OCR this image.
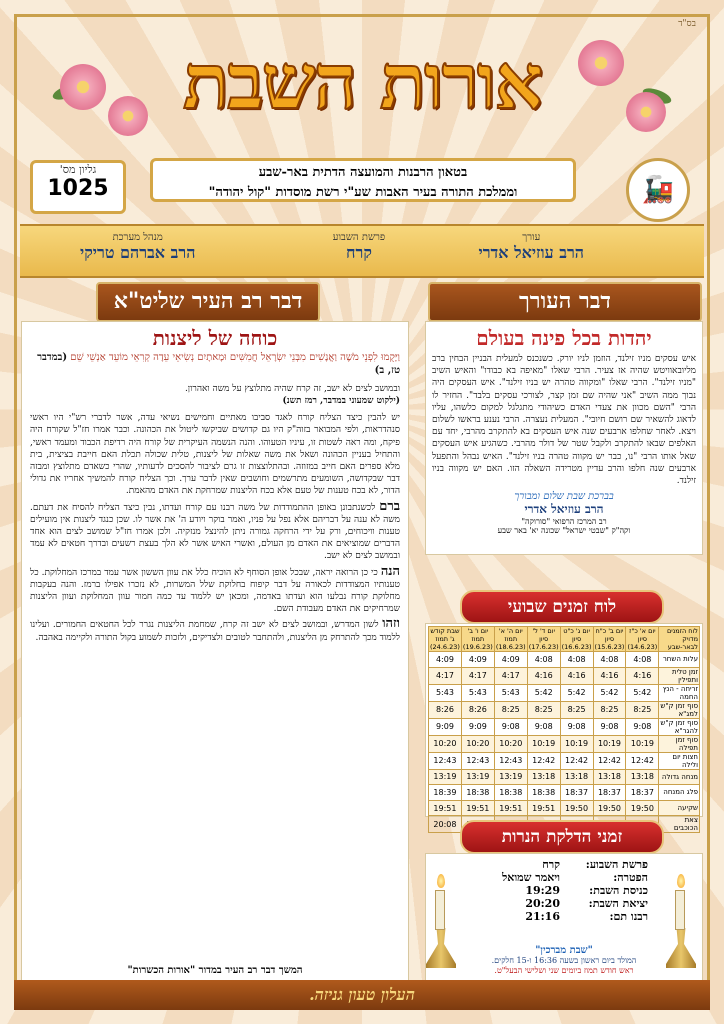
בס"ד
אורות השבת
🚂
בטאון הרבנות והמועצה הדתית באר-שבע
וממלכת התורה בעיר האבות שע"י רשת מוסדות "קול יהודה"
גליון מס'
1025
עורך
הרב עוזיאל אדרי
פרשת השבוע
קרח
מנהל מערכת
הרב אברהם טריקי
דבר העורך
דבר רב העיר שליט"א
יהדות בכל פינה בעולם
איש עסקים מניו זילנד, הוזמן לניו יורק. כשנכנס למעלית הבניין הבחין ברב מליובאוויטש שהיה אז צעיר. הרבי שאלו "מאיפה בא כבודו" והאיש השיב "מניו זילנד". הרבי שאלו "ומקווה טהרה יש בניו זילנד". איש העסקים היה נבוך ממה השיב "אני שהיה שם זמן קצר, לצורכי עסקים בלבד". החזיר לו הרבי "השם מכוון את צעדי האדם כשיהודי מתגלגל למקום כלשהו, עליו לדאוג להשאיר שם רושם חיובי". המעלית נעצרה. הרבי נענע בראשו לשלום ויצא. לאחר שחלפו ארבעים שנה איש העסקים בא להתקרב מהרבי, יחד עם האלפים שבאו להתקרב ולקבל שטר של דולר מהרבי. כשהגיע איש העסקים שאל אותו הרבי "נו, כבר יש מקווה טהרה בניו זילנד". האיש נבהל והתפעל ארבעים שנה חלפו והרב עדיין מטרידה השאלה הזו. האם יש מקווה בניו זילנד.
בברכת שבת שלום ומבורך
הרב עוזיאל אדרי
רב המרכז הרפואי "סורוקה"
וקה"ק "שבטי ישראל" שכונה יא' באר שבע
לוח זמנים שבועי
לוח הזמנים מדויק לבאר-שבע	יום א' כ"ז סיון (14.6.23)	יום ב' כ"ח סיון (15.6.23)	יום ג' כ"ט סיון (16.6.23)	יום ד' ל' סיון (17.6.23)	יום ה' א' תמוז (18.6.23)	יום ו' ב' תמוז (19.6.23)	שבת קודש ג' תמוז (24.6.23)
עלות השחר	4:08	4:08	4:08	4:08	4:09	4:09	4:09
זמן טלית ותפילין	4:16	4:16	4:16	4:16	4:17	4:17	4:17
זריחה - הנץ החמה	5:42	5:42	5:42	5:42	5:43	5:43	5:43
סוף זמן ק"ש למג"א	8:25	8:25	8:25	8:25	8:25	8:26	8:26
סוף זמן ק"ש להגר"א	9:08	9:08	9:08	9:08	9:08	9:09	9:09
סוף זמן תפילה	10:19	10:19	10:19	10:19	10:20	10:20	10:20
חצות יום ולילה	12:42	12:42	12:42	12:42	12:43	12:43	12:43
מנחה גדולה	13:18	13:18	13:18	13:18	13:19	13:19	13:19
פלג המנחה	18:37	18:37	18:37	18:38	18:38	18:38	18:39
שקיעה	19:50	19:50	19:50	19:51	19:51	19:51	19:51
צאת הכוכבים							20:08
זמני הדלקת הנרות
פרשת השבוע:
קרח
הפטרה:
ויאמר שמואל
כניסת השבת:
19:29
יציאת השבת:
20:20
רבנו תם:
21:16
"שבת מברכין"
המולד ביום ראשון בשעה 16:36 ו-15 חלקים.
ראש חודש תמוז ביומים שני ושלישי הבעל"ט.
כוחה של ליצנות
וַיָּקֻמוּ לִפְנֵי מֹשֶׁה וַאֲנָשִׁים מִבְּנֵי יִשְׂרָאֵל חֲמִשִּׁים וּמָאתָיִם נְשִׂיאֵי עֵדָה קְרִאֵי מוֹעֵד אַנְשֵׁי שֵׁם (במדבר טז, ב)
ובמושב לצים לא ישב, זה קרח שהיה מתלוצץ על משה ואהרון.
(ילקוט שמעוני במדבר, רמז תשנ)
יש להבין כיצד הצליח קורח לאגד סביבו מאתיים וחמישים נשיאי עדה, אשר לדברי רש"י היו ראשי סנהדראות, ולפי המבואר בזוה"ק היו גם קדושים שביקשו ליטול את הכהונה. וכבר אמרו חז"ל שקורח היה פיקח, ומה ראה לשטות זו, עיניו הטעוהו. והנה הנשמה העיקרית של קורח היה רדיפת הכבוד ומעמד ראשי, והתחיל בעניין הכהונה ושאל את משה שאלות של ליצנות, טלית שכולה תכלת האם חייבת בציצית, בית מלא ספרים האם חייב במזוזה. ובהתלוצצות זו גרם לציבור להסכים לדעותיו, שהרי כשאדם מתלוצץ ומבזה דבר שבקדושה, השומעים מתרשמים וחושבים שאין לדבר ערך. וכך הצליח קורח להמשיך אחריו את גדולי הדור, לא בכח טענות של טעם אלא בכח הליצנות שמרחקת את האדם מהאמת.
ברם לכשנתבונן באופן ההתמודדות של משה רבנו עם קורח ועדתו, נבין כיצד הצליח להסיח את דעתם. משה לא ענה על דבריהם אלא נפל על פניו, ואמר בוקר ויודע ה' את אשר לו. שכן כנגד ליצנות אין מועילים טענות וויכוחים, ורק על ידי הרחקה גמורה ניתן להינצל מנזקיה. ולכן אמרו חז"ל שמושב לצים הוא אחד הדברים שמוציאים את האדם מן העולם, ואשרי האיש אשר לא הלך בעצת רשעים ובדרך חטאים לא עמד ובמושב לצים לא ישב.
הנה כי כן הרואה יראה, שבכל אופן הסוחף לא הוכיח כלל את עוון הששון אשר עמד במרכז המחלוקת. כל טענותיו המצודדות לכאורה על דבר קיפוח בחלוקת שלל המשרות, לא נזכרו אפילו ברמז. והנה בעקבות מחלוקת קורח נבלעו הוא ועדתו באדמה, ומכאן יש ללמוד עד כמה חמור עוון המחלוקת ועוון הליצנות שמרחיקים את האדם מעבודת השם.
וזהו לשון המדרש, ובמושב לצים לא ישב זה קרח, שמחמת הליצנות נגרר לכל החטאים החמורים. ועלינו ללמוד מכך להתרחק מן הליצנות, ולהתחבר לטובים ולצדיקים, ולזכות לשמוע בקול התורה ולקיימה באהבה.
המשך דבר רב העיר במדור "אורות הכשרות"
העלון טעון גניזה.
